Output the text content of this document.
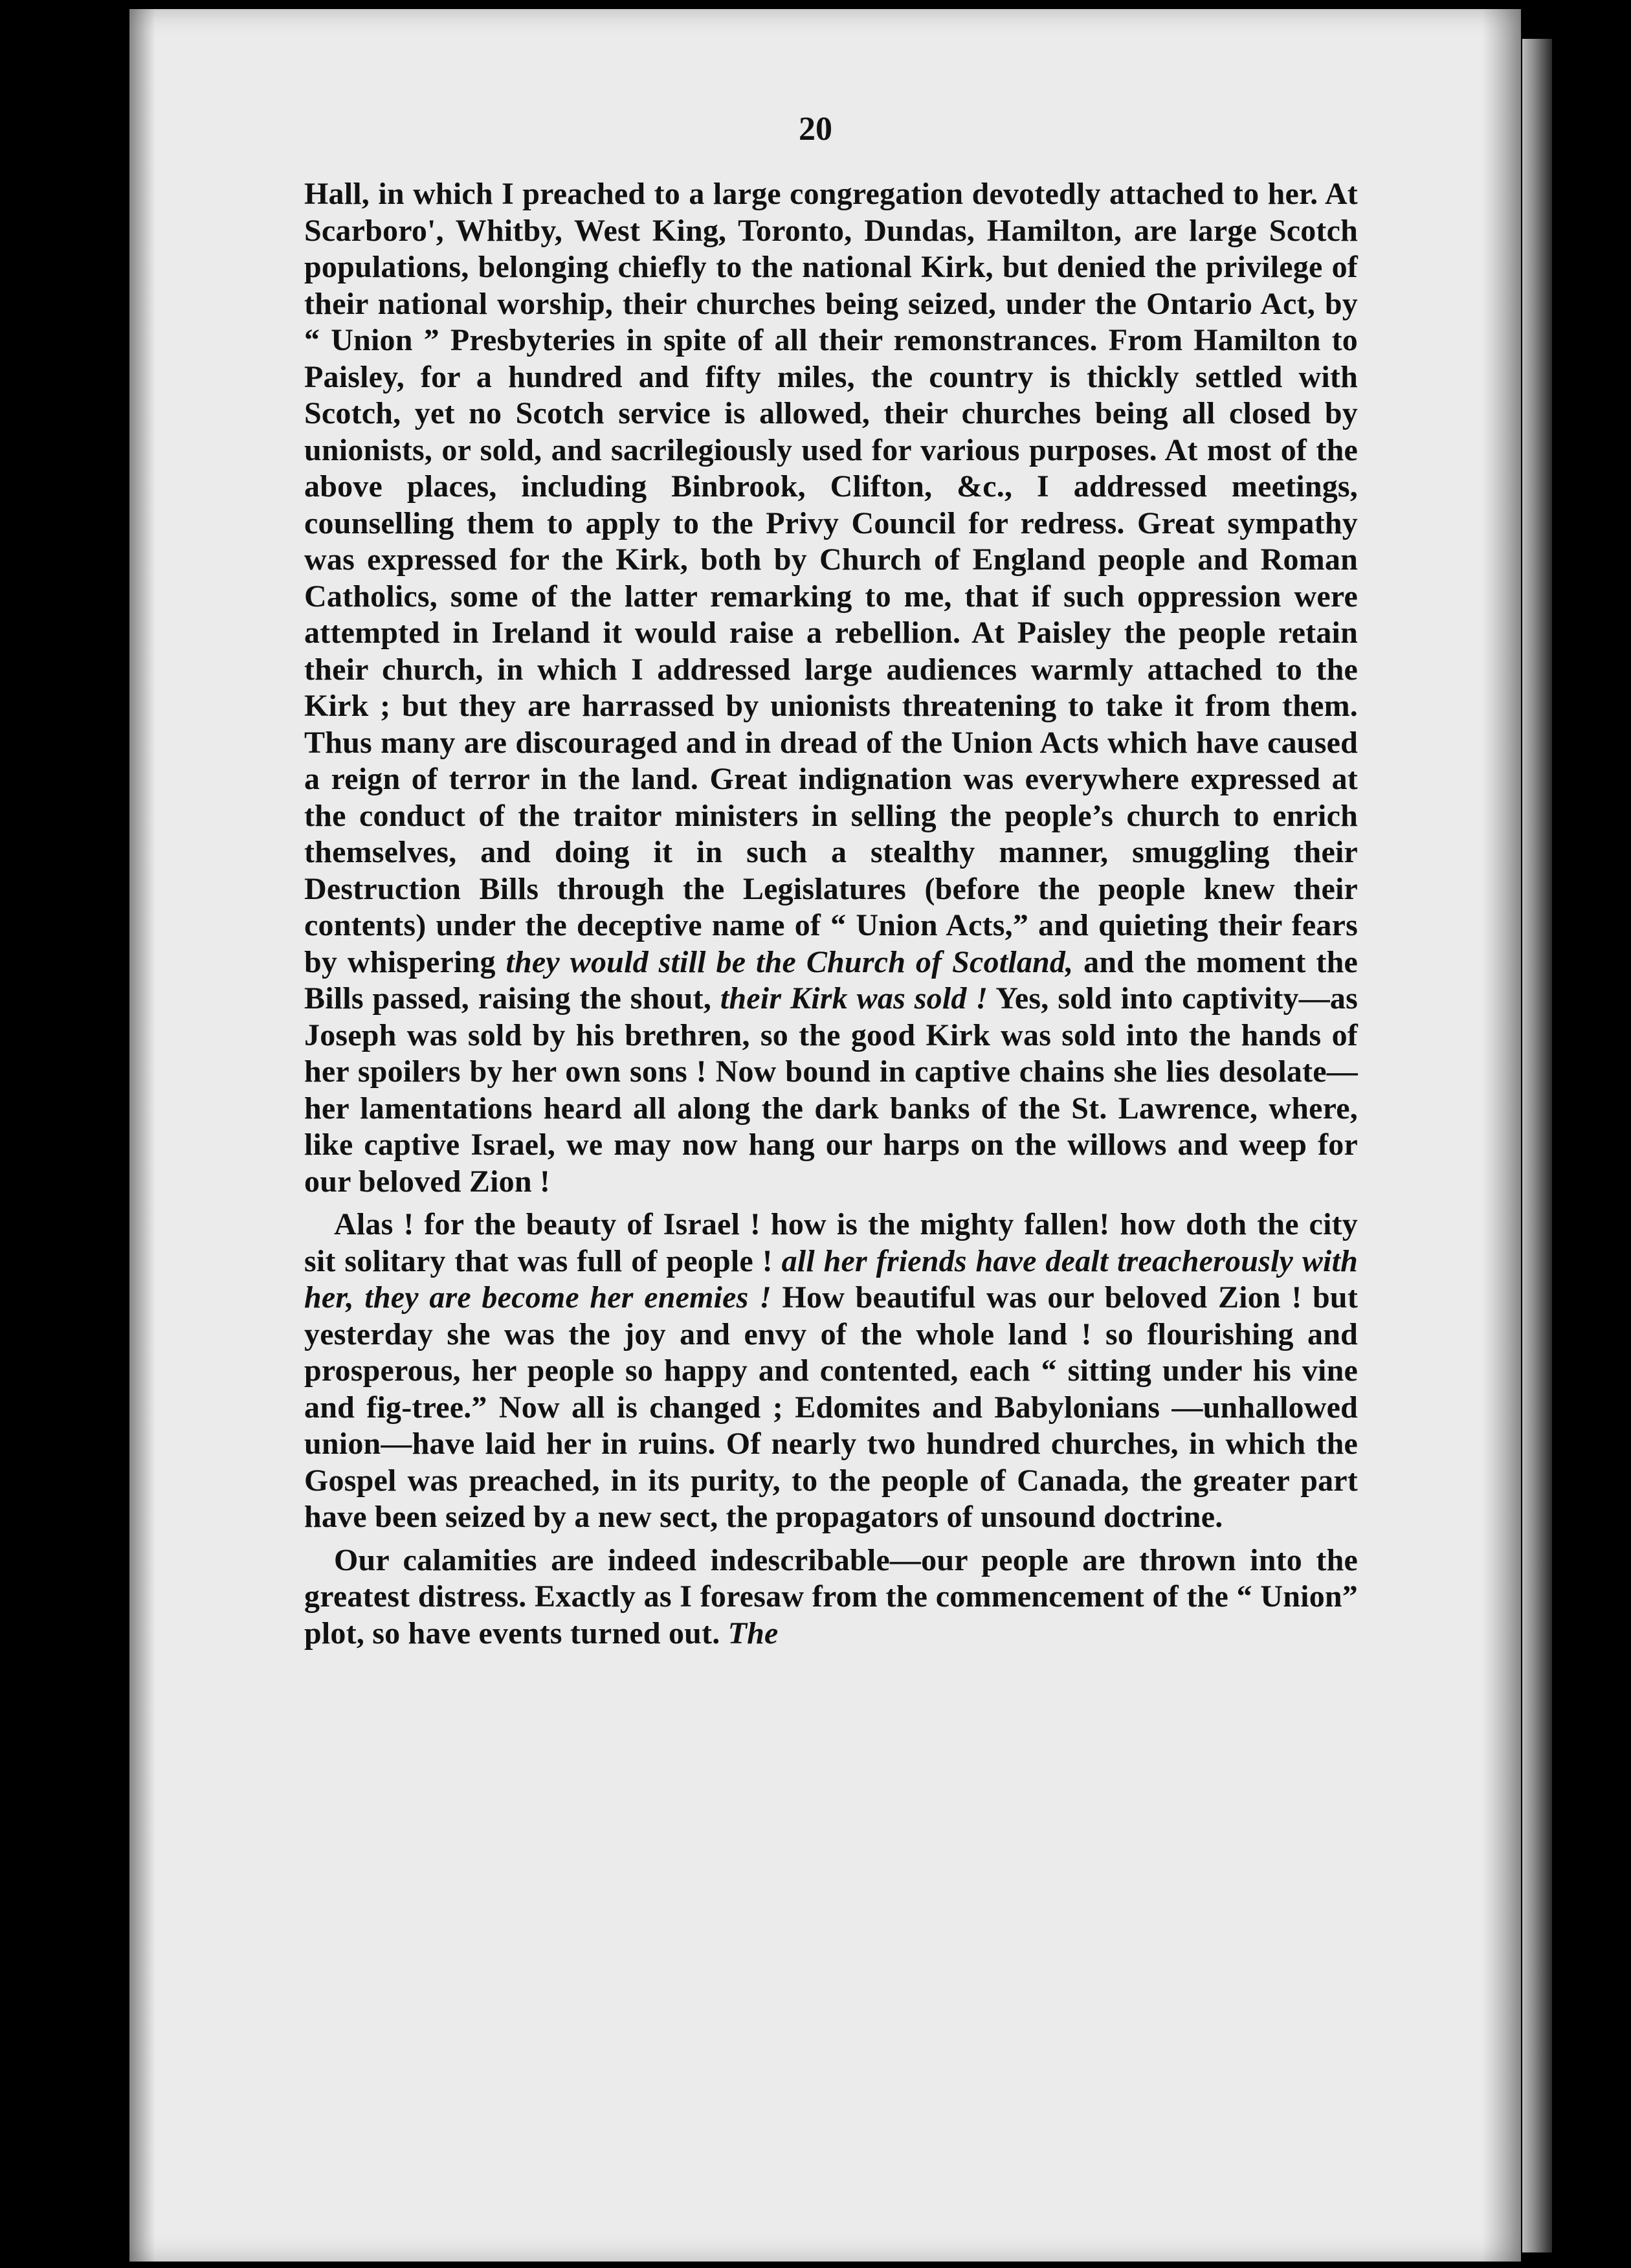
20

Hall, in which I preached to a large congregation devotedly attached to her. At Scarboro', Whitby, West King, Toronto, Dundas, Hamilton, are large Scotch populations, belonging chiefly to the national Kirk, but denied the privilege of their national worship, their churches being seized, under the Ontario Act, by “ Union ” Presbyteries in spite of all their remonstrances. From Hamilton to Paisley, for a hundred and fifty miles, the country is thickly settled with Scotch, yet no Scotch service is allowed, their churches being all closed by unionists, or sold, and sacrilegiously used for various purposes. At most of the above places, including Binbrook, Clifton, &c., I addressed meetings, counselling them to apply to the Privy Council for redress. Great sympathy was expressed for the Kirk, both by Church of England people and Roman Catholics, some of the latter remarking to me, that if such oppression were attempted in Ireland it would raise a rebellion. At Paisley the people retain their church, in which I addressed large audiences warmly attached to the Kirk ; but they are harrassed by unionists threatening to take it from them. Thus many are discouraged and in dread of the Union Acts which have caused a reign of terror in the land. Great indignation was everywhere expressed at the conduct of the traitor ministers in selling the people’s church to enrich themselves, and doing it in such a stealthy manner, smuggling their Destruction Bills through the Legislatures (before the people knew their contents) under the deceptive name of “ Union Acts,” and quieting their fears by whispering they would still be the Church of Scotland, and the moment the Bills passed, raising the shout, their Kirk was sold ! Yes, sold into captivity—as Joseph was sold by his brethren, so the good Kirk was sold into the hands of her spoilers by her own sons ! Now bound in captive chains she lies desolate—her lamentations heard all along the dark banks of the St. Lawrence, where, like captive Israel, we may now hang our harps on the willows and weep for our beloved Zion !

Alas ! for the beauty of Israel ! how is the mighty fallen! how doth the city sit solitary that was full of people ! all her friends have dealt treacherously with her, they are become her enemies ! How beautiful was our beloved Zion ! but yesterday she was the joy and envy of the whole land ! so flourishing and prosperous, her people so happy and contented, each “ sitting under his vine and fig-tree.” Now all is changed ; Edomites and Babylonians —unhallowed union—have laid her in ruins. Of nearly two hundred churches, in which the Gospel was preached, in its purity, to the people of Canada, the greater part have been seized by a new sect, the propagators of unsound doctrine.

Our calamities are indeed indescribable—our people are thrown into the greatest distress. Exactly as I foresaw from the commencement of the “ Union” plot, so have events turned out. The
